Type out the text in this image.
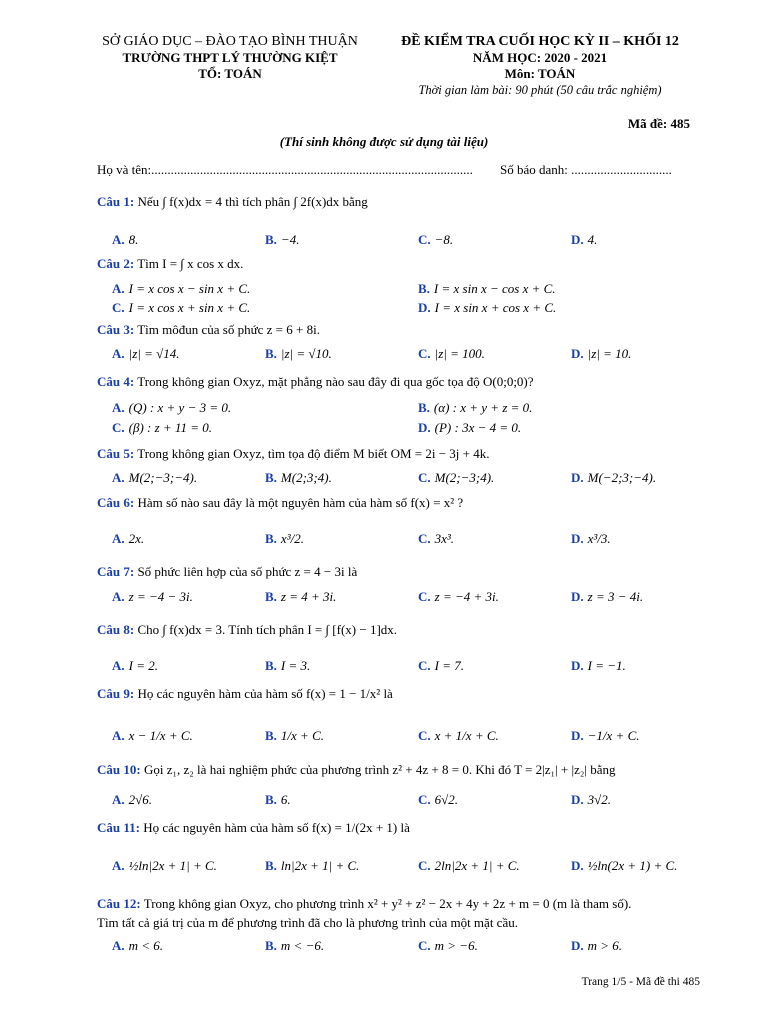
SỞ GIÁO DỤC – ĐÀO TẠO BÌNH THUẬN
TRƯỜNG THPT LÝ THƯỜNG KIỆT
TỔ: TOÁN
ĐỀ KIỂM TRA CUỐI HỌC KỲ II – KHỐI 12
NĂM HỌC: 2020 - 2021
Môn: TOÁN
Thời gian làm bài: 90 phút (50 câu trắc nghiệm)
Mã đề: 485
(Thí sinh không được sử dụng tài liệu)
Họ và tên:................................................................................................... Số báo danh: ...............................
Câu 1: Nếu ∫ f(x)dx = 4 thì tích phân ∫ 2f(x)dx bằng
A. 8.	B. −4.	C. −8.	D. 4.
Câu 2: Tìm I = ∫ x cos x dx.
A. I = x cos x − sin x + C.	B. I = x sin x − cos x + C.
C. I = x cos x + sin x + C.	D. I = x sin x + cos x + C.
Câu 3: Tìm môđun của số phức z = 6 + 8i.
A. |z| = √14.	B. |z| = √10.	C. |z| = 100.	D. |z| = 10.
Câu 4: Trong không gian Oxyz, mặt phẳng nào sau đây đi qua gốc tọa độ O(0;0;0)?
A. (Q) : x + y − 3 = 0.	B. (α) : x + y + z = 0.
C. (β) : z + 11 = 0.	D. (P) : 3x − 4 = 0.
Câu 5: Trong không gian Oxyz, tìm tọa độ điểm M biết OM = 2i − 3j + 4k.
A. M(2;−3;−4).	B. M(2;3;4).	C. M(2;−3;4).	D. M(−2;3;−4).
Câu 6: Hàm số nào sau đây là một nguyên hàm của hàm số f(x) = x² ?
A. 2x.	B. x³/2.	C. 3x³.	D. x³/3.
Câu 7: Số phức liên hợp của số phức z = 4 − 3i là
A. z = −4 − 3i.	B. z = 4 + 3i.	C. z = −4 + 3i.	D. z = 3 − 4i.
Câu 8: Cho ∫ f(x)dx = 3. Tính tích phân I = ∫ [f(x) − 1]dx.
A. I = 2.	B. I = 3.	C. I = 7.	D. I = −1.
Câu 9: Họ các nguyên hàm của hàm số f(x) = 1 − 1/x² là
A. x − 1/x + C.	B. 1/x + C.	C. x + 1/x + C.	D. −1/x + C.
Câu 10: Gọi z₁, z₂ là hai nghiệm phức của phương trình z² + 4z + 8 = 0. Khi đó T = 2|z₁| + |z₂| bằng
A. 2√6.	B. 6.	C. 6√2.	D. 3√2.
Câu 11: Họ các nguyên hàm của hàm số f(x) = 1/(2x + 1) là
A. ½ln|2x + 1| + C.	B. ln|2x + 1| + C.	C. 2ln|2x + 1| + C.	D. ½ln(2x + 1) + C.
Câu 12: Trong không gian Oxyz, cho phương trình x² + y² + z² − 2x + 4y + 2z + m = 0 (m là tham số).
Tìm tất cả giá trị của m để phương trình đã cho là phương trình của một mặt cầu.
A. m < 6.	B. m < −6.	C. m > −6.	D. m > 6.
Trang 1/5 - Mã đề thi 485
